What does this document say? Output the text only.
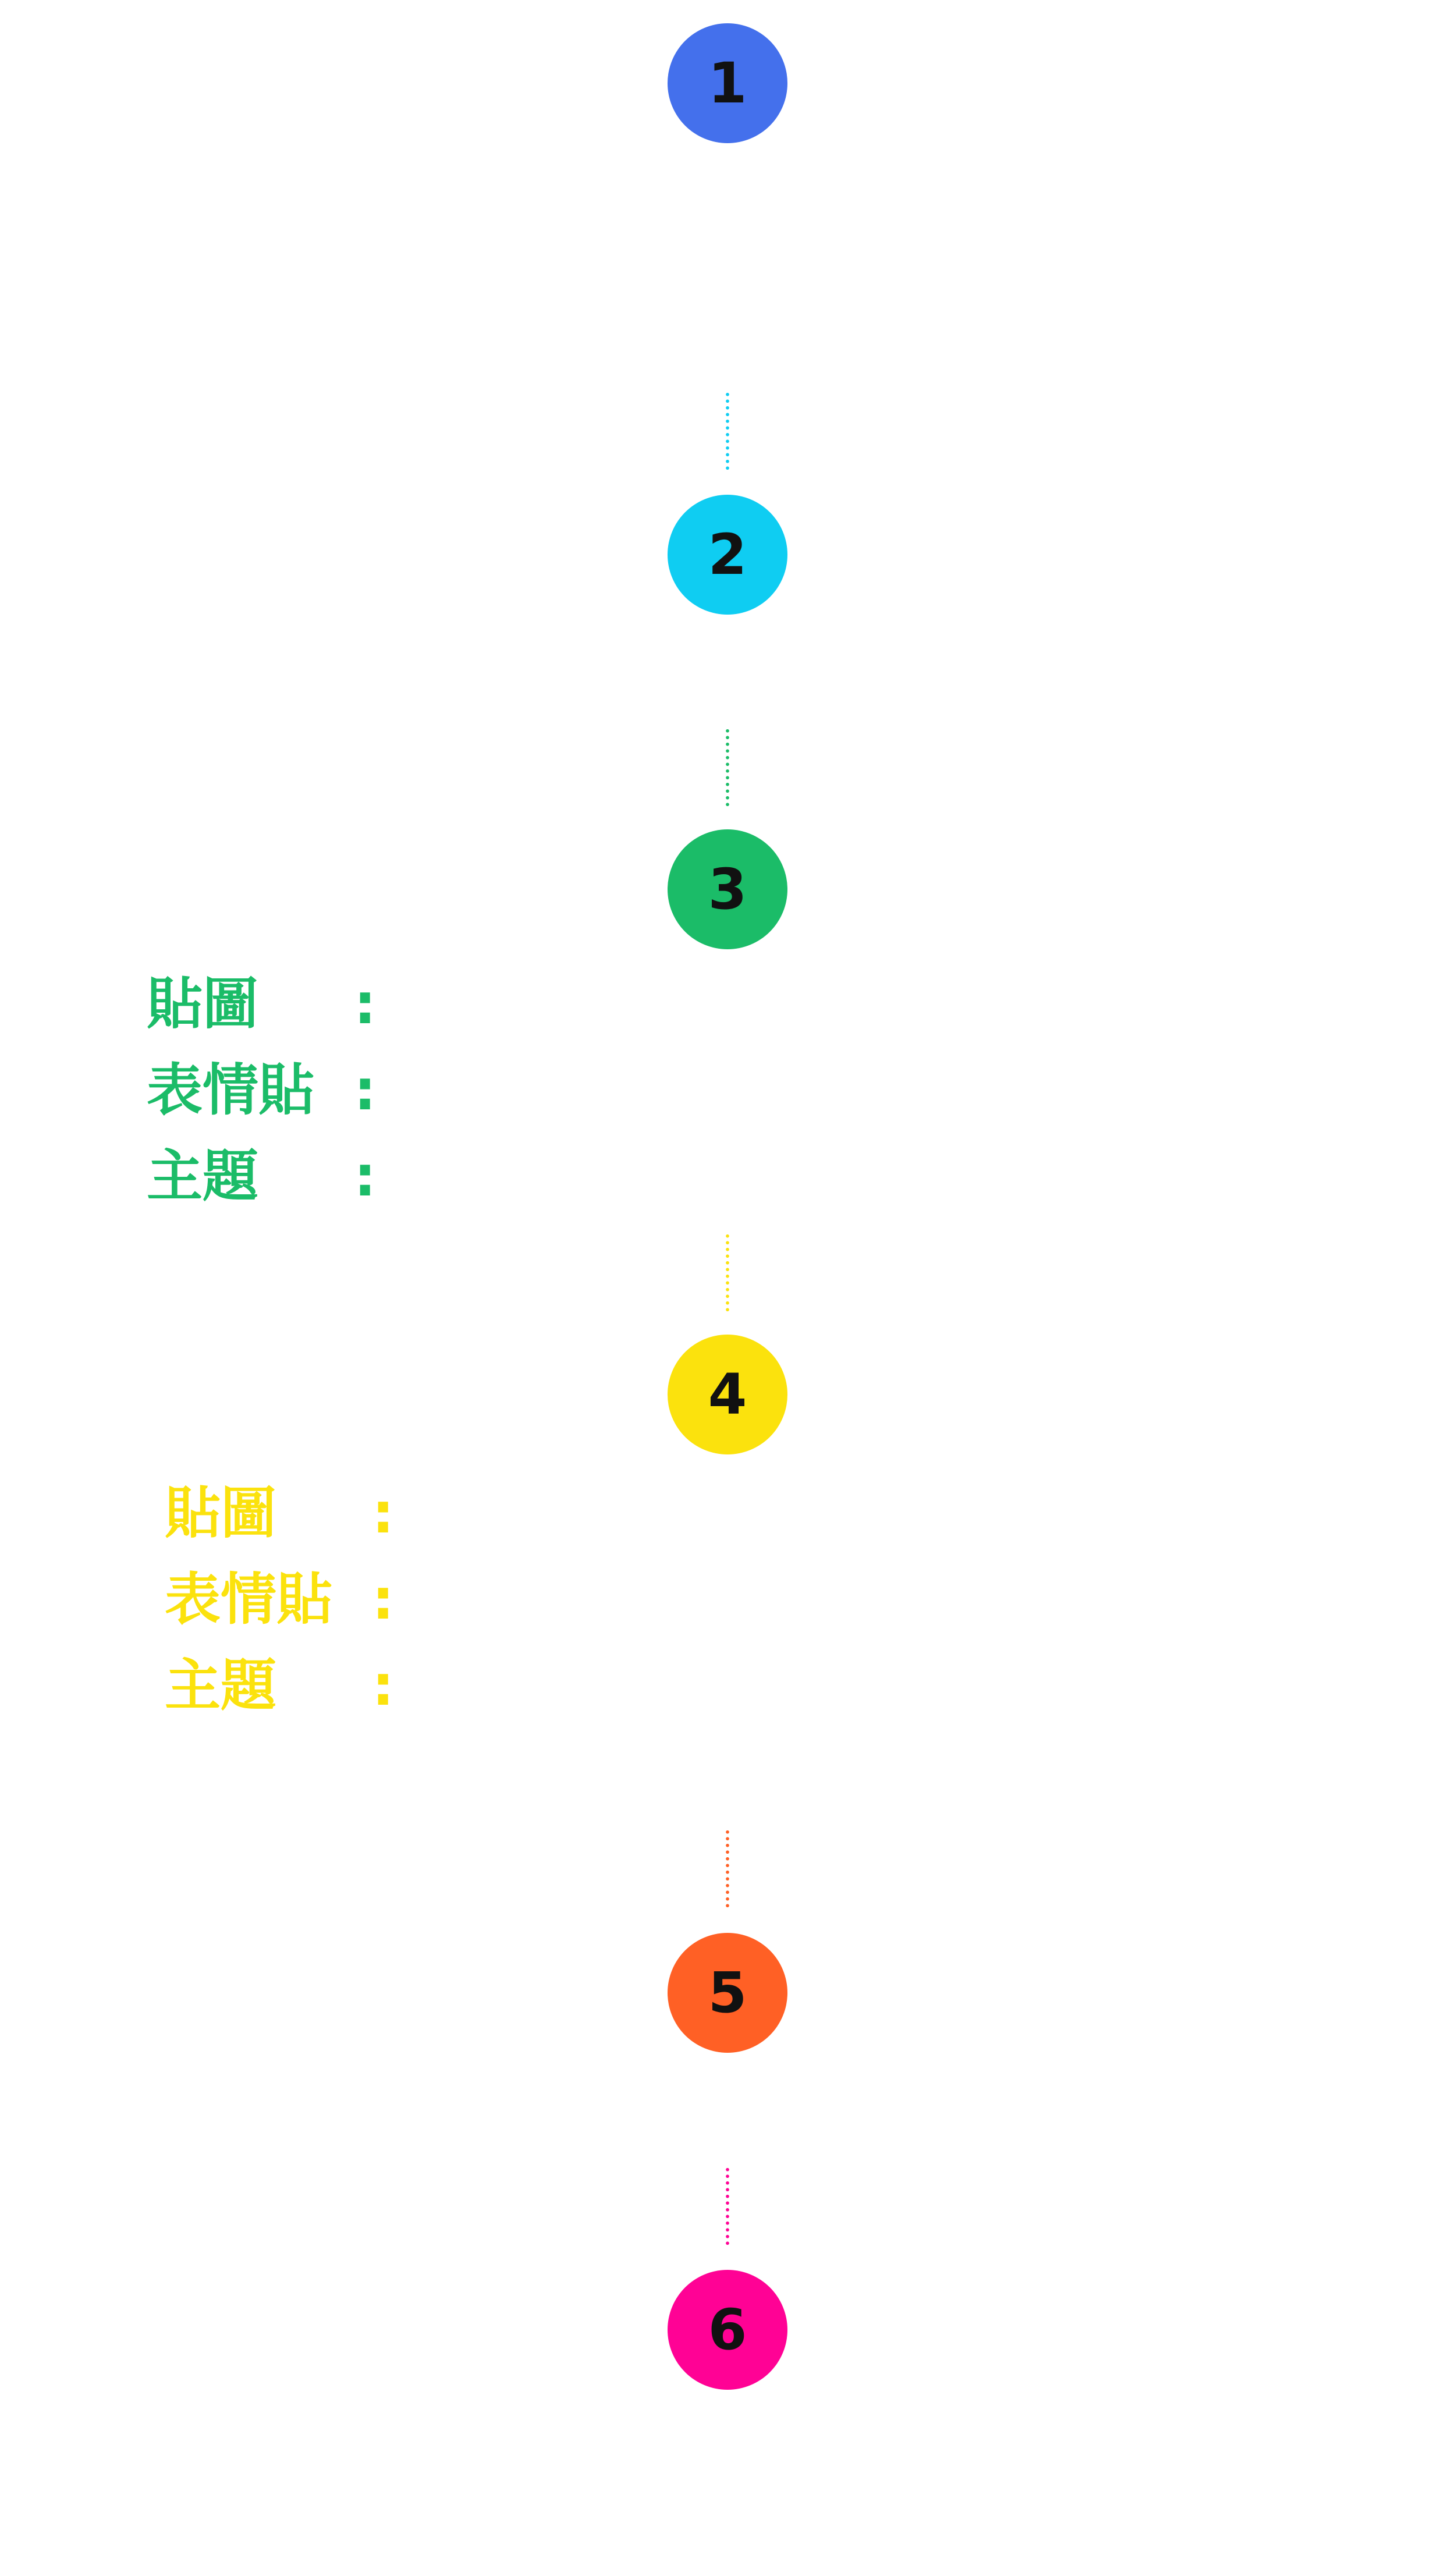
1
2
3
貼圖 :
表情貼 :
主題 :
4
貼圖 :
表情貼 :
主題 :
5
6
